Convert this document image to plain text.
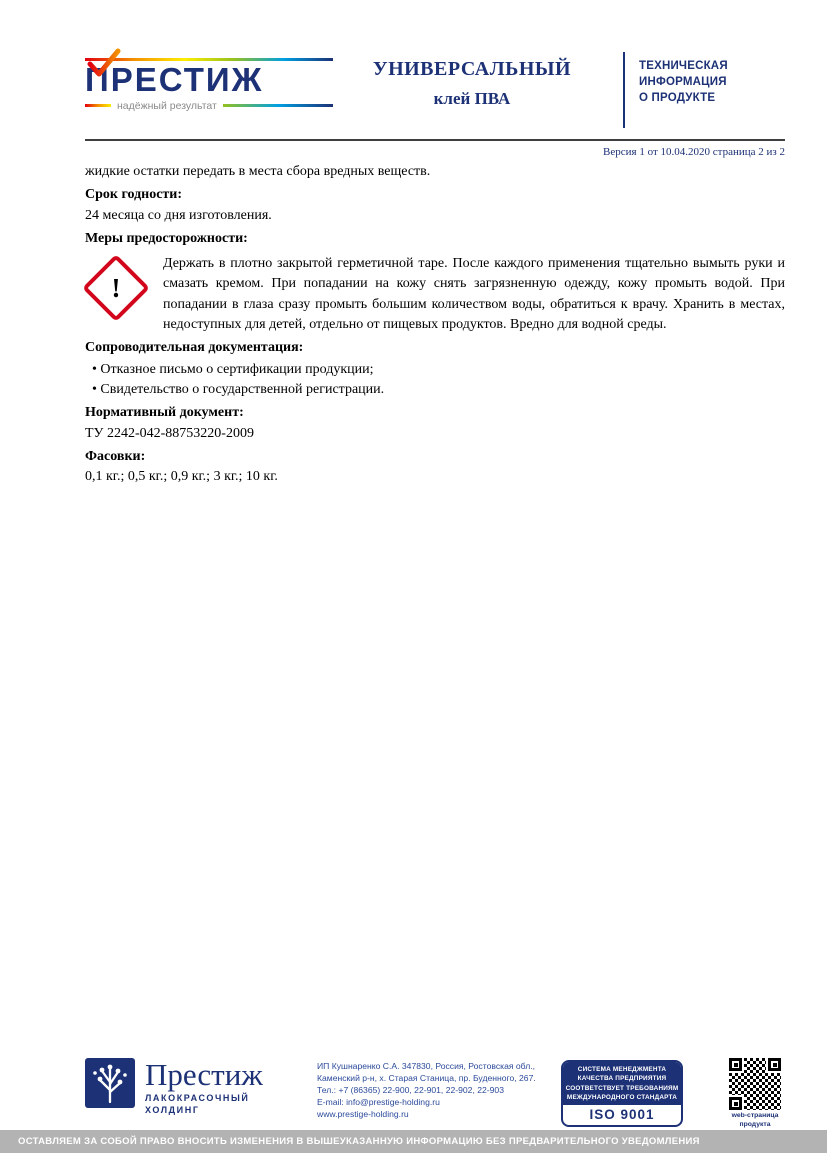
ПРЕСТИЖ
надёжный результат
УНИВЕРСАЛЬНЫЙ
клей ПВА
ТЕХНИЧЕСКАЯ
ИНФОРМАЦИЯ
О ПРОДУКТЕ
Версия 1 от 10.04.2020 страница 2 из 2

жидкие остатки передать в места сбора вредных веществ.

Срок годности:

24 месяца со дня изготовления.

Меры предосторожности:
!

Держать в плотно закрытой герметичной таре. После каждого применения тщательно вымыть руки и смазать кремом. При попадании на кожу снять загрязненную одежду, кожу промыть водой. При попадании в глаза сразу промыть большим количеством воды, обратиться к врачу. Хранить в местах, недоступных для детей, отдельно от пищевых продуктов. Вредно для водной среды.

Сопроводительная документация:
• Отказное письмо о сертификации продукции;
• Свидетельство о государственной регистрации.
Нормативный документ:

ТУ 2242-042-88753220-2009

Фасовки:

0,1 кг.; 0,5 кг.; 0,9 кг.; 3 кг.; 10 кг.

Престиж
ЛАКОКРАСОЧНЫЙ
ХОЛДИНГ
ИП Кушнаренко С.А. 347830, Россия, Ростовская обл.,
Каменский р-н, х. Старая Станица, пр. Буденного, 267.
Тел.: +7 (86365) 22-900, 22-901, 22-902, 22-903
E-mail: info@prestige-holding.ru
www.prestige-holding.ru
СИСТЕМА МЕНЕДЖМЕНТА
КАЧЕСТВА ПРЕДПРИЯТИЯ
СООТВЕТСТВУЕТ ТРЕБОВАНИЯМ
МЕЖДУНАРОДНОГО СТАНДАРТА
ISO 9001	web-страница
продукта
ОСТАВЛЯЕМ ЗА СОБОЙ ПРАВО ВНОСИТЬ ИЗМЕНЕНИЯ В ВЫШЕУКАЗАННУЮ ИНФОРМАЦИЮ БЕЗ ПРЕДВАРИТЕЛЬНОГО УВЕДОМЛЕНИЯ
